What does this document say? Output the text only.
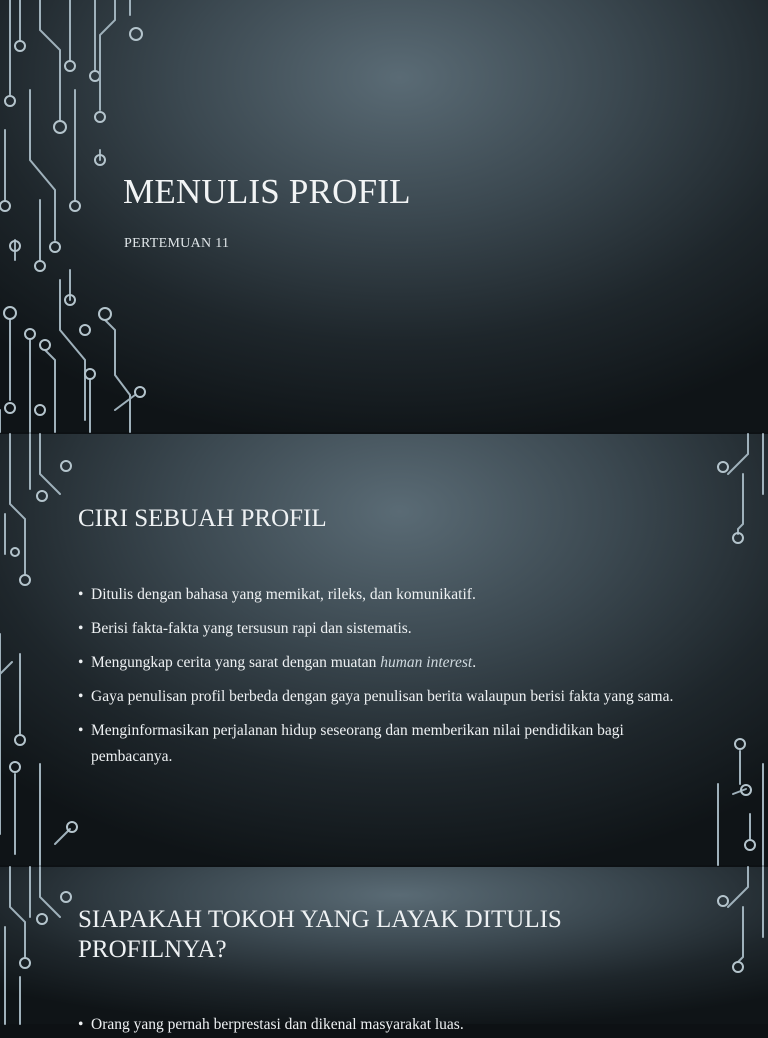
MENULIS PROFIL

PERTEMUAN 11

CIRI SEBUAH PROFIL
• Ditulis dengan bahasa yang memikat, rileks, dan komunikatif.
• Berisi fakta-fakta yang tersusun rapi dan sistematis.
• Mengungkap cerita yang sarat dengan muatan human interest.
• Gaya penulisan profil berbeda dengan gaya penulisan berita walaupun berisi fakta yang sama.
• Menginformasikan perjalanan hidup seseorang dan memberikan nilai pendidikan bagi pembacanya.
SIAPAKAH TOKOH YANG LAYAK DITULIS PROFILNYA?
• Orang yang pernah berprestasi dan dikenal masyarakat luas.
